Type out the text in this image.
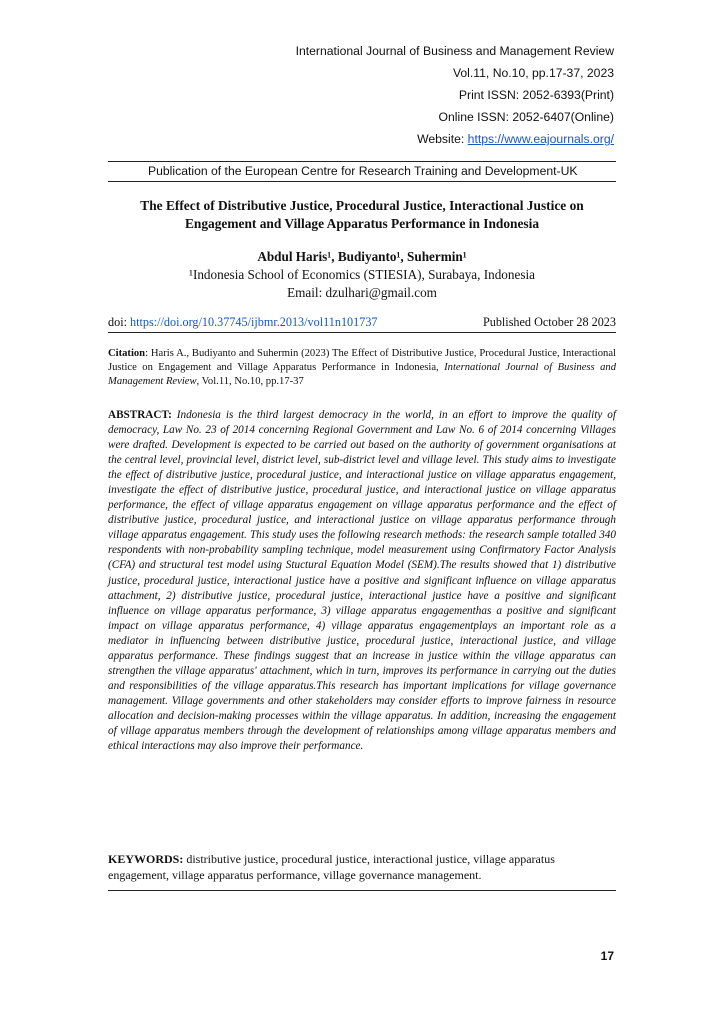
International Journal of Business and Management Review
Vol.11, No.10, pp.17-37, 2023
Print ISSN: 2052-6393(Print)
Online ISSN: 2052-6407(Online)
Website: https://www.eajournals.org/
Publication of the European Centre for Research Training and Development-UK
The Effect of Distributive Justice, Procedural Justice, Interactional Justice on Engagement and Village Apparatus Performance in Indonesia
Abdul Haris¹, Budiyanto¹, Suhermin¹
¹Indonesia School of Economics (STIESIA), Surabaya, Indonesia
Email: dzulhari@gmail.com
doi: https://doi.org/10.37745/ijbmr.2013/vol11n101737	Published October 28 2023
Citation: Haris A., Budiyanto and Suhermin (2023) The Effect of Distributive Justice, Procedural Justice, Interactional Justice on Engagement and Village Apparatus Performance in Indonesia, International Journal of Business and Management Review, Vol.11, No.10, pp.17-37
ABSTRACT: Indonesia is the third largest democracy in the world, in an effort to improve the quality of democracy, Law No. 23 of 2014 concerning Regional Government and Law No. 6 of 2014 concerning Villages were drafted. Development is expected to be carried out based on the authority of government organisations at the central level, provincial level, district level, sub-district level and village level. This study aims to investigate the effect of distributive justice, procedural justice, and interactional justice on village apparatus engagement, investigate the effect of distributive justice, procedural justice, and interactional justice on village apparatus performance, the effect of village apparatus engagement on village apparatus performance and the effect of distributive justice, procedural justice, and interactional justice on village apparatus performance through village apparatus engagement. This study uses the following research methods: the research sample totalled 340 respondents with non-probability sampling technique, model measurement using Confirmatory Factor Analysis (CFA) and structural test model using Stuctural Equation Model (SEM).The results showed that 1) distributive justice, procedural justice, interactional justice have a positive and significant influence on village apparatus attachment, 2) distributive justice, procedural justice, interactional justice have a positive and significant influence on village apparatus performance, 3) village apparatus engagementhas a positive and significant impact on village apparatus performance, 4) village apparatus engagementplays an important role as a mediator in influencing between distributive justice, procedural justice, interactional justice, and village apparatus performance. These findings suggest that an increase in justice within the village apparatus can strengthen the village apparatus' attachment, which in turn, improves its performance in carrying out the duties and responsibilities of the village apparatus.This research has important implications for village governance management. Village governments and other stakeholders may consider efforts to improve fairness in resource allocation and decision-making processes within the village apparatus. In addition, increasing the engagement of village apparatus members through the development of relationships among village apparatus members and ethical interactions may also improve their performance.
KEYWORDS: distributive justice, procedural justice, interactional justice, village apparatus engagement, village apparatus performance, village governance management.
17
